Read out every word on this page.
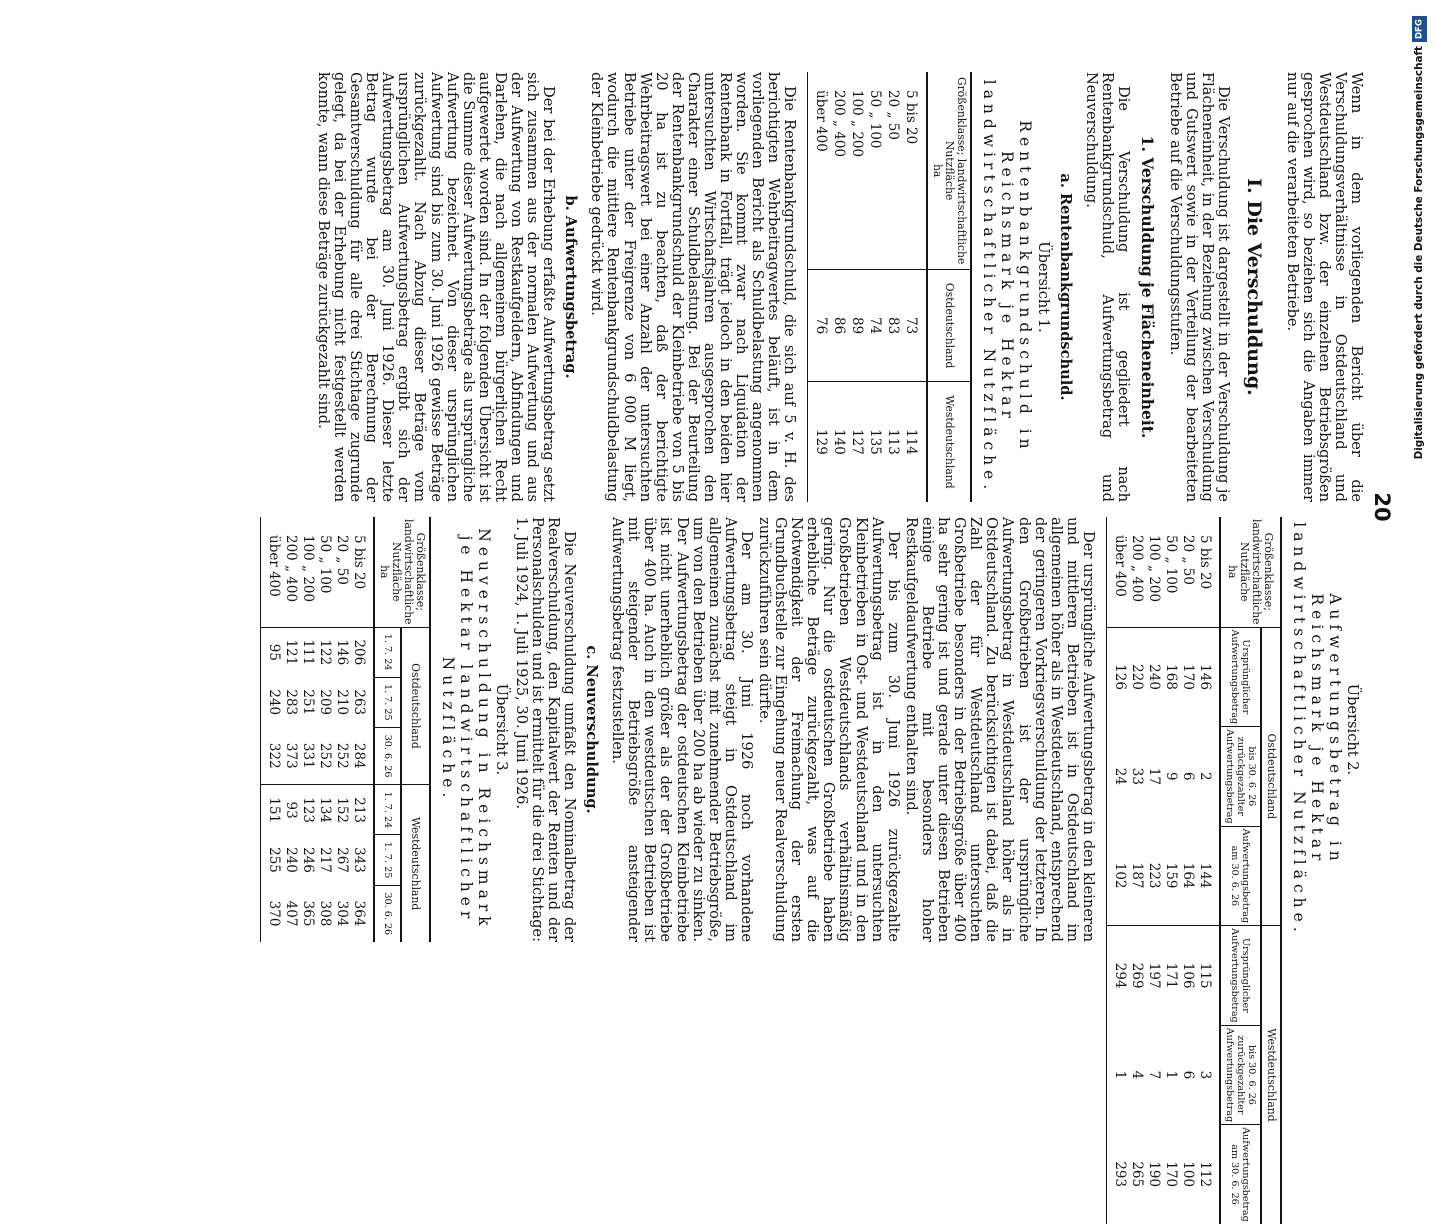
20

Wenn in dem vorliegenden Bericht über die Verschuldungsverhältnisse in Ostdeutschland und Westdeutschland bzw. der einzelnen Betriebsgrößen gesprochen wird, so beziehen sich die Angaben immer nur auf die verarbeiteten Betriebe.

I. Die Verschuldung.

Die Verschuldung ist dargestellt in der Verschuldung je Flächeneinheit, in der Beziehung zwischen Verschuldung und Gutswert sowie in der Verteilung der bearbeiteten Betriebe auf die Verschuldungsstufen.

1. Verschuldung je Flächeneinheit.

Die Verschuldung ist gegliedert nach Rentenbankgrundschuld, Aufwertungsbetrag und Neuverschuldung.

a. Rentenbankgrundschuld.
Übersicht 1.
Rentenbankgrundschuld in Reichsmark je Hektar landwirtschaftlicher Nutzfläche.
Größenklasse; landwirtschaftliche Nutzfläche
ha	Ostdeutschland	Westdeutschland
5 bis 20	73	114
20 „ 50	83	113
50 „ 100	74	135
100 „ 200	89	127
200 „ 400	86	140
über 400	76	129

Die Rentenbankgrundschuld, die sich auf 5 v. H. des berichtigten Wehrbeitragwertes beläuft, ist in dem vorliegenden Bericht als Schuldbelastung angenommen worden. Sie kommt zwar nach Liquidation der Rentenbank in Fortfall, trägt jedoch in den beiden hier untersuchten Wirtschaftsjahren ausgesprochen den Charakter einer Schuldbelastung. Bei der Beurteilung der Rentenbankgrundschuld der Kleinbetriebe von 5 bis 20 ha ist zu beachten, daß der berichtigte Wehrbeitragswert bei einer Anzahl der untersuchten Betriebe unter der Freigrenze von 6 000 M liegt, wodurch die mittlere Rentenbankgrundschuldbelastung der Kleinbetriebe gedrückt wird.

b. Aufwertungsbetrag.

Der bei der Erhebung erfaßte Aufwertungsbetrag setzt sich zusammen aus der normalen Aufwertung und aus der Aufwertung von Restkaufgeldern, Abfindungen und Darlehen, die nach allgemeinem bürgerlichen Recht aufgewertet worden sind. In der folgenden Übersicht ist die Summe dieser Aufwertungsbeträge als ursprüngliche Aufwertung bezeichnet. Von dieser ursprünglichen Aufwertung sind bis zum 30. Juni 1926 gewisse Beträge zurückgezahlt. Nach Abzug dieser Beträge vom ursprünglichen Aufwertungsbetrag ergibt sich der Aufwertungsbetrag am 30. Juni 1926. Dieser letzte Betrag wurde bei der Berechnung der Gesamtverschuldung für alle drei Stichtage zugrunde gelegt, da bei der Erhebung nicht festgestellt werden konnte, wann diese Beträge zurückgezahlt sind.

Übersicht 2.
Aufwertungsbetrag in Reichsmark je Hektar landwirtschaftlicher Nutzfläche.
Größenklasse; landwirtschaftliche Nutzfläche
ha	Ostdeutschland			Westdeutschland		
	Ursprünglicher Aufwertungsbetrag	bis 30. 6. 26 zurückgezahlter Aufwertungsbetrag	Aufwertungsbetrag am 30. 6. 26	Ursprünglicher Aufwertungsbetrag	bis 30. 6. 26 zurückgezahlter Aufwertungsbetrag	Aufwertungsbetrag am 30. 6. 26
5 bis 20	146	2	144	115	3	112
20 „ 50	170	6	164	106	6	100
50 „ 100	168	9	159	171	1	170
100 „ 200	240	17	223	197	7	190
200 „ 400	220	33	187	269	4	265
über 400	126	24	102	294	1	293

Der ursprüngliche Aufwertungsbetrag in den kleineren und mittleren Betrieben ist in Ostdeutschland im allgemeinen höher als in Westdeutschland, entsprechend der geringeren Vorkriegsverschuldung der letzteren. In den Großbetrieben ist der ursprüngliche Aufwertungsbetrag in Westdeutschland höher als in Ostdeutschland. Zu berücksichtigen ist dabei, daß die Zahl der für Westdeutschland untersuchten Großbetriebe besonders in der Betriebsgröße über 400 ha sehr gering ist und gerade unter diesen Betrieben einige Betriebe mit besonders hoher Restkaufgeldaufwertung enthalten sind.

Der bis zum 30. Juni 1926 zurückgezahlte Aufwertungsbetrag ist in den untersuchten Kleinbetrieben in Ost- und Westdeutschland und in den Großbetrieben Westdeutschlands verhältnismäßig gering. Nur die ostdeutschen Großbetriebe haben erhebliche Beträge zurückgezahlt, was auf die Notwendigkeit der Freimachung der ersten Grundbuchstelle zur Eingehung neuer Realverschuldung zurückzuführen sein dürfte.

Der am 30. Juni 1926 noch vorhandene Aufwertungsbetrag steigt in Ostdeutschland im allgemeinen zunächst mit zunehmender Betriebsgröße, um von den Betrieben über 200 ha ab wieder zu sinken. Der Aufwertungsbetrag der ostdeutschen Kleinbetriebe ist nicht unerheblich größer als der der Großbetriebe über 400 ha. Auch in den westdeutschen Betrieben ist mit steigender Betriebsgröße ansteigender Aufwertungsbetrag festzustellen.

c. Neuverschuldung.

Die Neuverschuldung umfaßt den Nominalbetrag der Realverschuldung, den Kapitalwert der Renten und der Personalschulden und ist ermittelt für die drei Stichtage: 1. Juli 1924, 1. Juli 1925, 30. Juni 1926.

Übersicht 3.
Neuverschuldung in Reichsmark je Hektar landwirtschaftlicher Nutzfläche.
Größenklasse; landwirtschaftliche Nutzfläche
ha	Ostdeutschland			Westdeutschland		
	1. 7. 24	1. 7. 25	30. 6. 26	1. 7. 24	1. 7. 25	30. 6. 26
5 bis 20	206	263	284	213	343	364
20 „ 50	146	210	252	152	267	304
50 „ 100	122	209	252	134	217	308
100 „ 200	111	251	331	123	246	365
200 „ 400	121	283	373	93	240	407
über 400	95	240	322	151	255	370
DFG
Digitalisierung gefördert durch die Deutsche Forschungsgemeinschaft
